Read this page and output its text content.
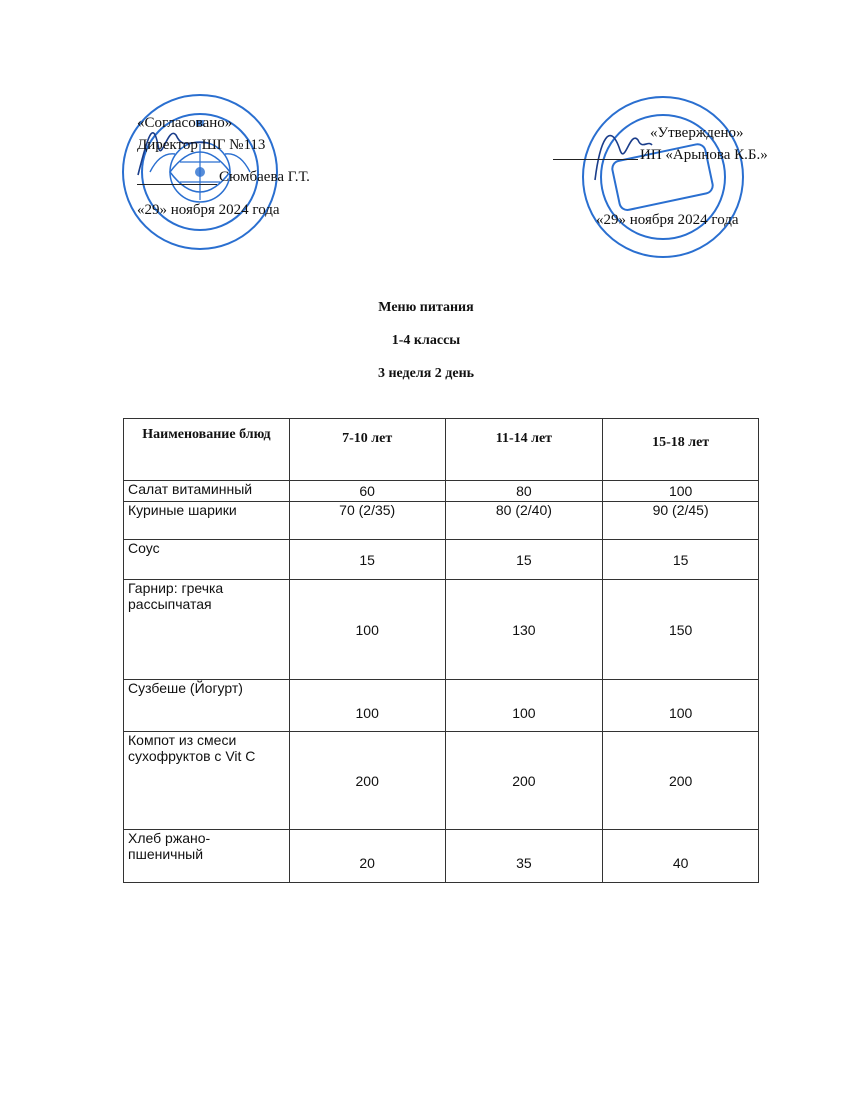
«Согласовано»
Директор ШГ №113
Сюмбаева Г.Т.
«29» ноября 2024 года
«Утверждено»
ИП «Арынова К.Б.»
«29» ноября 2024 года
Меню питания
1-4 классы
3 неделя 2 день
Наименование блюд	7-10 лет	11-14 лет	15-18 лет
Салат витаминный	60	80	100
Куриные шарики	70 (2/35)	80 (2/40)	90 (2/45)
Соус	15	15	15
Гарнир: гречка рассыпчатая	100	130	150
Сузбеше (Йогурт)	100	100	100
Компот из смеси сухофруктов с Vit C	200	200	200
Хлеб ржано-пшеничный	20	35	40
